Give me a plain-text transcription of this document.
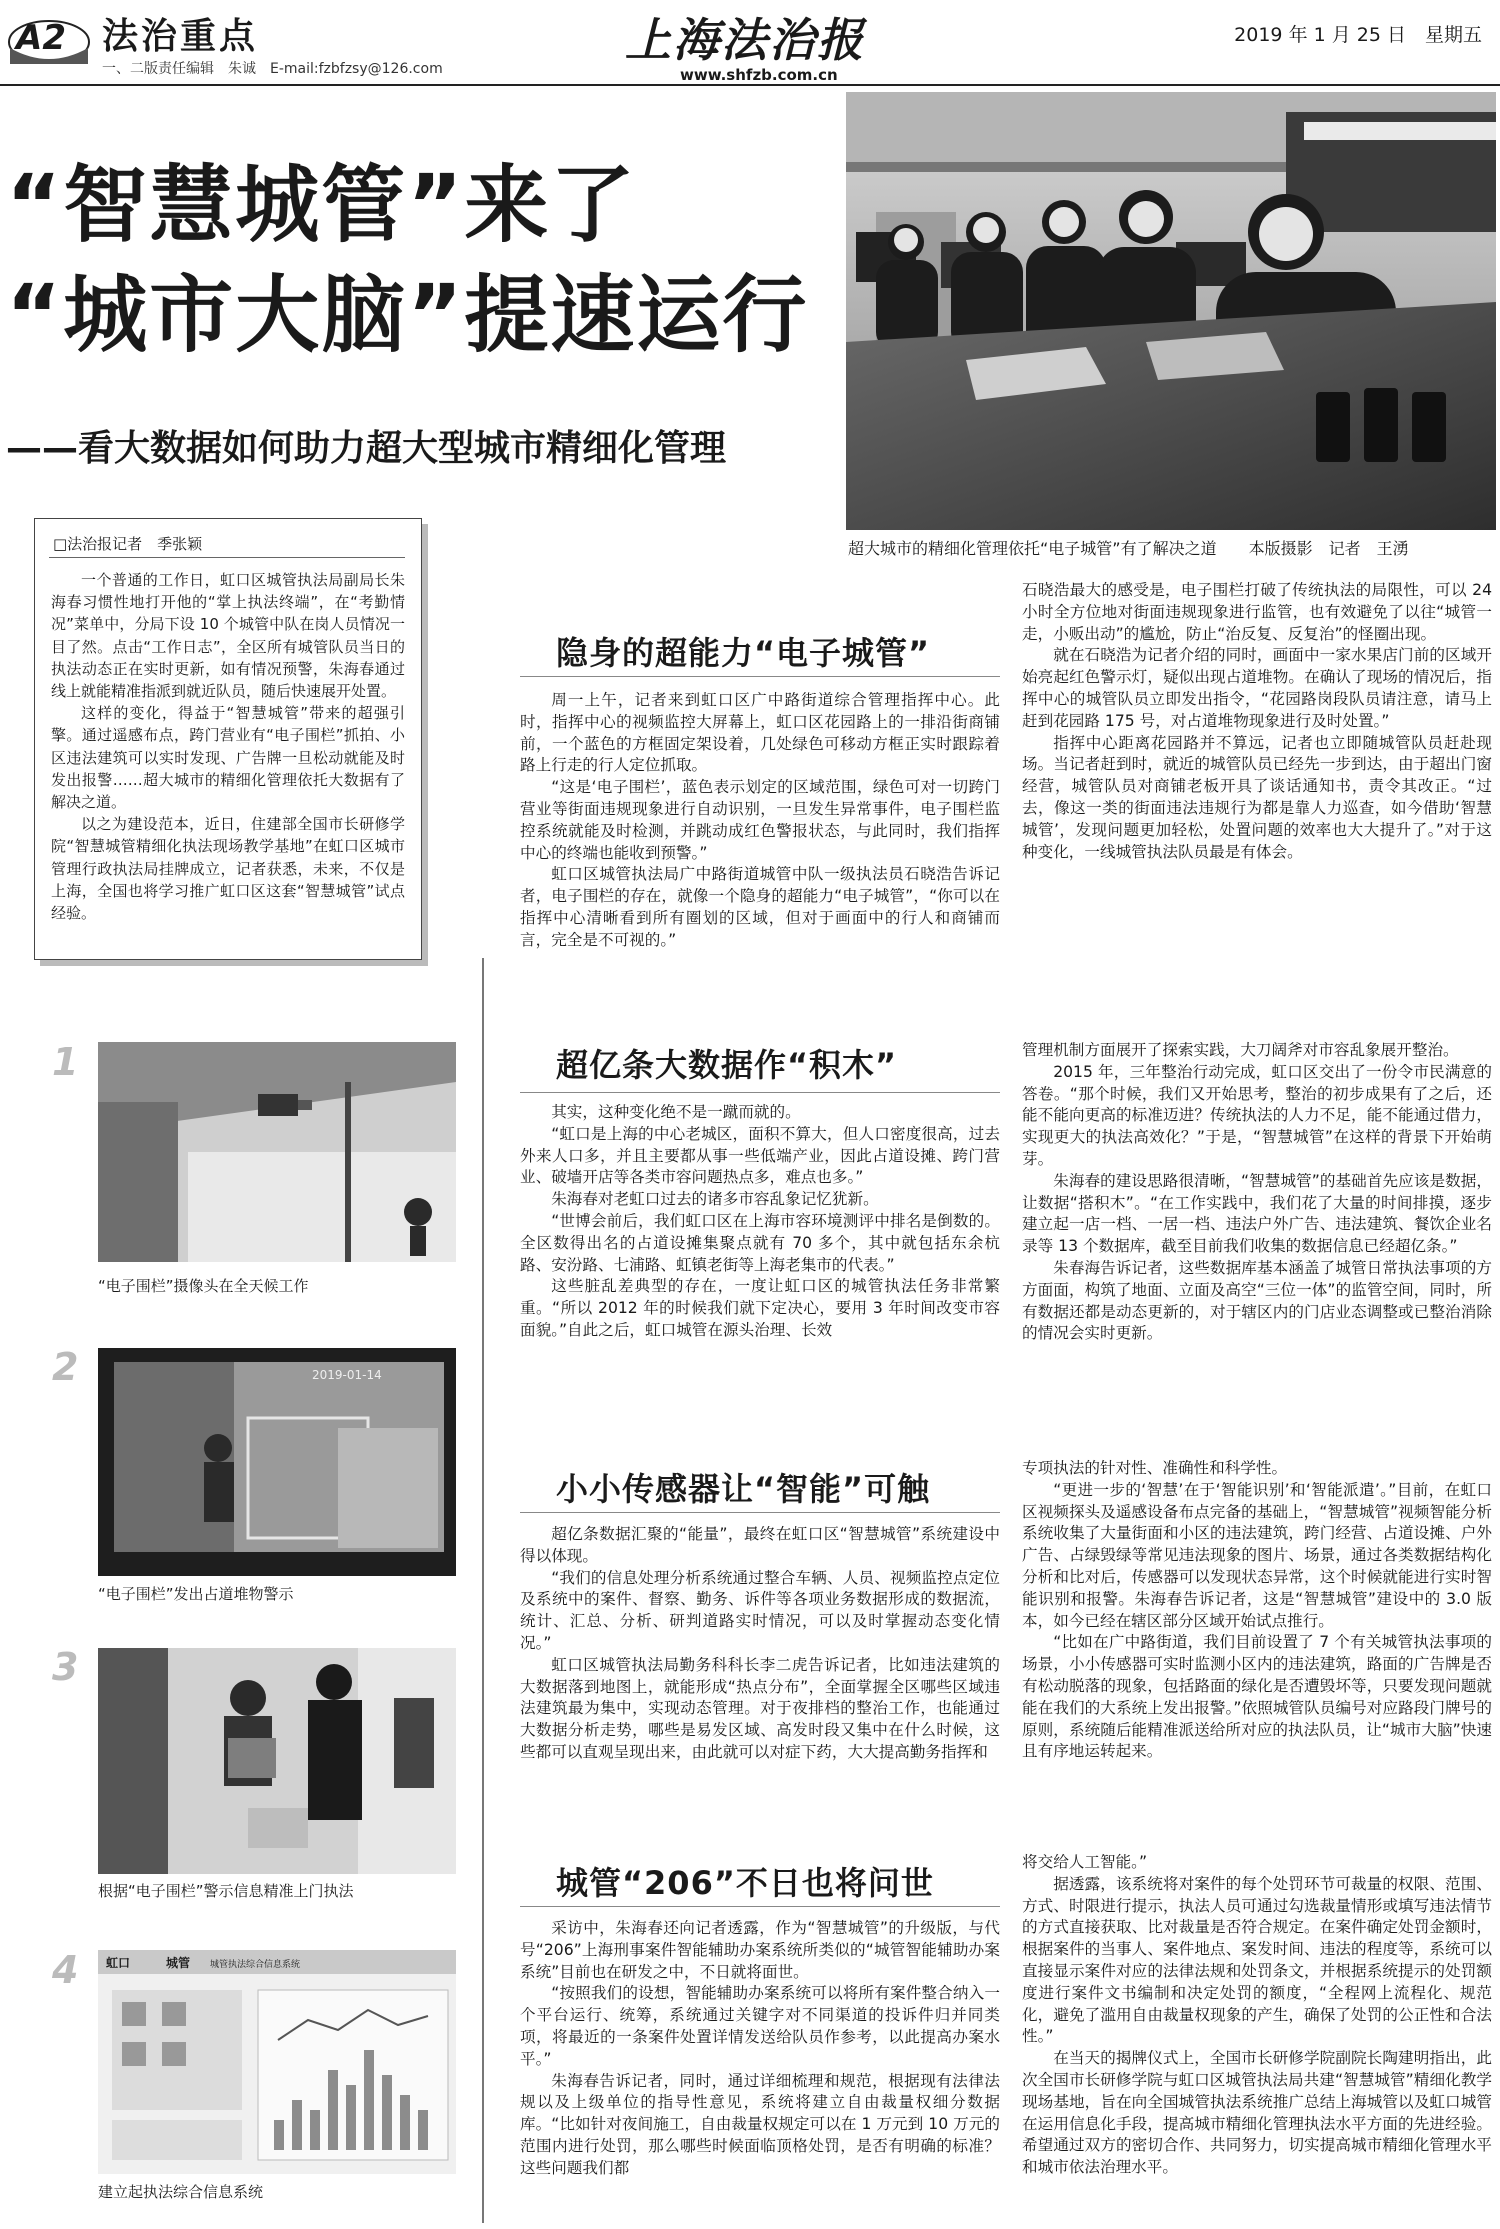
A2 法治重点
一、二版责任编辑　朱诚　E-mail:fzbfzsy@126.com
上海法治报
www.shfzb.com.cn
2019 年 1 月 25 日　星期五
“智慧城管”来了
“城市大脑”提速运行
——看大数据如何助力超大型城市精细化管理
超大城市的精细化管理依托“电子城管”有了解决之道　　本版摄影　记者　王湧
□法治报记者　季张颖

一个普通的工作日，虹口区城管执法局副局长朱海春习惯性地打开他的“掌上执法终端”，在“考勤情况”菜单中，分局下设 10 个城管中队在岗人员情况一目了然。点击“工作日志”，全区所有城管队员当日的执法动态正在实时更新，如有情况预警，朱海春通过线上就能精准指派到就近队员，随后快速展开处置。

这样的变化，得益于“智慧城管”带来的超强引擎。通过遥感布点，跨门营业有“电子围栏”抓拍、小区违法建筑可以实时发现、广告牌一旦松动就能及时发出报警……超大城市的精细化管理依托大数据有了解决之道。

以之为建设范本，近日，住建部全国市长研修学院“智慧城管精细化执法现场教学基地”在虹口区城市管理行政执法局挂牌成立，记者获悉，未来，不仅是上海，全国也将学习推广虹口区这套“智慧城管”试点经验。

1
“电子围栏”摄像头在全天候工作
2	2019-01-14
“电子围栏”发出占道堆物警示
3
根据“电子围栏”警示信息精准上门执法
4 虹口	城管 城管执法综合信息系统
建立起执法综合信息系统
隐身的超能力“电子城管”

周一上午，记者来到虹口区广中路街道综合管理指挥中心。此时，指挥中心的视频监控大屏幕上，虹口区花园路上的一排沿街商铺前，一个蓝色的方框固定架设着，几处绿色可移动方框正实时跟踪着路上行走的行人定位抓取。

“这是‘电子围栏’，蓝色表示划定的区域范围，绿色可对一切跨门营业等街面违规现象进行自动识别，一旦发生异常事件，电子围栏监控系统就能及时检测，并跳动成红色警报状态，与此同时，我们指挥中心的终端也能收到预警。”

虹口区城管执法局广中路街道城管中队一级执法员石晓浩告诉记者，电子围栏的存在，就像一个隐身的超能力“电子城管”，“你可以在指挥中心清晰看到所有圈划的区域，但对于画面中的行人和商铺而言，完全是不可视的。”

石晓浩最大的感受是，电子围栏打破了传统执法的局限性，可以 24 小时全方位地对街面违规现象进行监管，也有效避免了以往“城管一走，小贩出动”的尴尬，防止“治反复、反复治”的怪圈出现。

就在石晓浩为记者介绍的同时，画面中一家水果店门前的区域开始亮起红色警示灯，疑似出现占道堆物。在确认了现场的情况后，指挥中心的城管队员立即发出指令，“花园路岗段队员请注意，请马上赶到花园路 175 号，对占道堆物现象进行及时处置。”

指挥中心距离花园路并不算远，记者也立即随城管队员赶赴现场。当记者赶到时，就近的城管队员已经先一步到达，由于超出门窗经营，城管队员对商铺老板开具了谈话通知书，责令其改正。“过去，像这一类的街面违法违规行为都是靠人力巡查，如今借助‘智慧城管’，发现问题更加轻松，处置问题的效率也大大提升了。”对于这种变化，一线城管执法队员最是有体会。

超亿条大数据作“积木”

其实，这种变化绝不是一蹴而就的。

“虹口是上海的中心老城区，面积不算大，但人口密度很高，过去外来人口多，并且主要都从事一些低端产业，因此占道设摊、跨门营业、破墙开店等各类市容问题热点多，难点也多。”

朱海春对老虹口过去的诸多市容乱象记忆犹新。

“世博会前后，我们虹口区在上海市容环境测评中排名是倒数的。全区数得出名的占道设摊集聚点就有 70 多个，其中就包括东余杭路、安汾路、七浦路、虹镇老街等上海老集市的代表。”

这些脏乱差典型的存在，一度让虹口区的城管执法任务非常繁重。“所以 2012 年的时候我们就下定决心，要用 3 年时间改变市容面貌。”自此之后，虹口城管在源头治理、长效

管理机制方面展开了探索实践，大刀阔斧对市容乱象展开整治。

2015 年，三年整治行动完成，虹口区交出了一份令市民满意的答卷。“那个时候，我们又开始思考，整治的初步成果有了之后，还能不能向更高的标准迈进？传统执法的人力不足，能不能通过借力，实现更大的执法高效化？”于是，“智慧城管”在这样的背景下开始萌芽。

朱海春的建设思路很清晰，“智慧城管”的基础首先应该是数据，让数据“搭积木”。“在工作实践中，我们花了大量的时间排摸，逐步建立起一店一档、一居一档、违法户外广告、违法建筑、餐饮企业名录等 13 个数据库，截至目前我们收集的数据信息已经超亿条。”

朱春海告诉记者，这些数据库基本涵盖了城管日常执法事项的方方面面，构筑了地面、立面及高空“三位一体”的监管空间，同时，所有数据还都是动态更新的，对于辖区内的门店业态调整或已整治消除的情况会实时更新。

小小传感器让“智能”可触

超亿条数据汇聚的“能量”，最终在虹口区“智慧城管”系统建设中得以体现。

“我们的信息处理分析系统通过整合车辆、人员、视频监控点定位及系统中的案件、督察、勤务、诉件等各项业务数据形成的数据流，统计、汇总、分析、研判道路实时情况，可以及时掌握动态变化情况。”

虹口区城管执法局勤务科科长李二虎告诉记者，比如违法建筑的大数据落到地图上，就能形成“热点分布”，全面掌握全区哪些区域违法建筑最为集中，实现动态管理。对于夜排档的整治工作，也能通过大数据分析走势，哪些是易发区域、高发时段又集中在什么时候，这些都可以直观呈现出来，由此就可以对症下药，大大提高勤务指挥和

专项执法的针对性、准确性和科学性。

“更进一步的‘智慧’在于‘智能识别’和‘智能派遣’。”目前，在虹口区视频探头及遥感设备布点完备的基础上，“智慧城管”视频智能分析系统收集了大量街面和小区的违法建筑，跨门经营、占道设摊、户外广告、占绿毁绿等常见违法现象的图片、场景，通过各类数据结构化分析和比对后，传感器可以发现状态异常，这个时候就能进行实时智能识别和报警。朱海春告诉记者，这是“智慧城管”建设中的 3.0 版本，如今已经在辖区部分区域开始试点推行。

“比如在广中路街道，我们目前设置了 7 个有关城管执法事项的场景，小小传感器可实时监测小区内的违法建筑，路面的广告牌是否有松动脱落的现象，包括路面的绿化是否遭毁坏等，只要发现问题就能在我们的大系统上发出报警。”依照城管队员编号对应路段门牌号的原则，系统随后能精准派送给所对应的执法队员，让“城市大脑”快速且有序地运转起来。

城管“206”不日也将问世

采访中，朱海春还向记者透露，作为“智慧城管”的升级版，与代号“206”上海刑事案件智能辅助办案系统所类似的“城管智能辅助办案系统”目前也在研发之中，不日就将面世。

“按照我们的设想，智能辅助办案系统可以将所有案件整合纳入一个平台运行、统筹，系统通过关键字对不同渠道的投诉件归并同类项，将最近的一条案件处置详情发送给队员作参考，以此提高办案水平。”

朱海春告诉记者，同时，通过详细梳理和规范，根据现有法律法规以及上级单位的指导性意见，系统将建立自由裁量权细分数据库。“比如针对夜间施工，自由裁量权规定可以在 1 万元到 10 万元的范围内进行处罚，那么哪些时候面临顶格处罚，是否有明确的标准？这些问题我们都

将交给人工智能。”

据透露，该系统将对案件的每个处罚环节可裁量的权限、范围、方式、时限进行提示，执法人员可通过勾选裁量情形或填写违法情节的方式直接获取、比对裁量是否符合规定。在案件确定处罚金额时，根据案件的当事人、案件地点、案发时间、违法的程度等，系统可以直接显示案件对应的法律法规和处罚条文，并根据系统提示的处罚额度进行案件文书编制和决定处罚的额度，“全程网上流程化、规范化，避免了滥用自由裁量权现象的产生，确保了处罚的公正性和合法性。”

在当天的揭牌仪式上，全国市长研修学院副院长陶建明指出，此次全国市长研修学院与虹口区城管执法局共建“智慧城管”精细化教学现场基地，旨在向全国城管执法系统推广总结上海城管以及虹口城管在运用信息化手段，提高城市精细化管理执法水平方面的先进经验。希望通过双方的密切合作、共同努力，切实提高城市精细化管理水平和城市依法治理水平。
